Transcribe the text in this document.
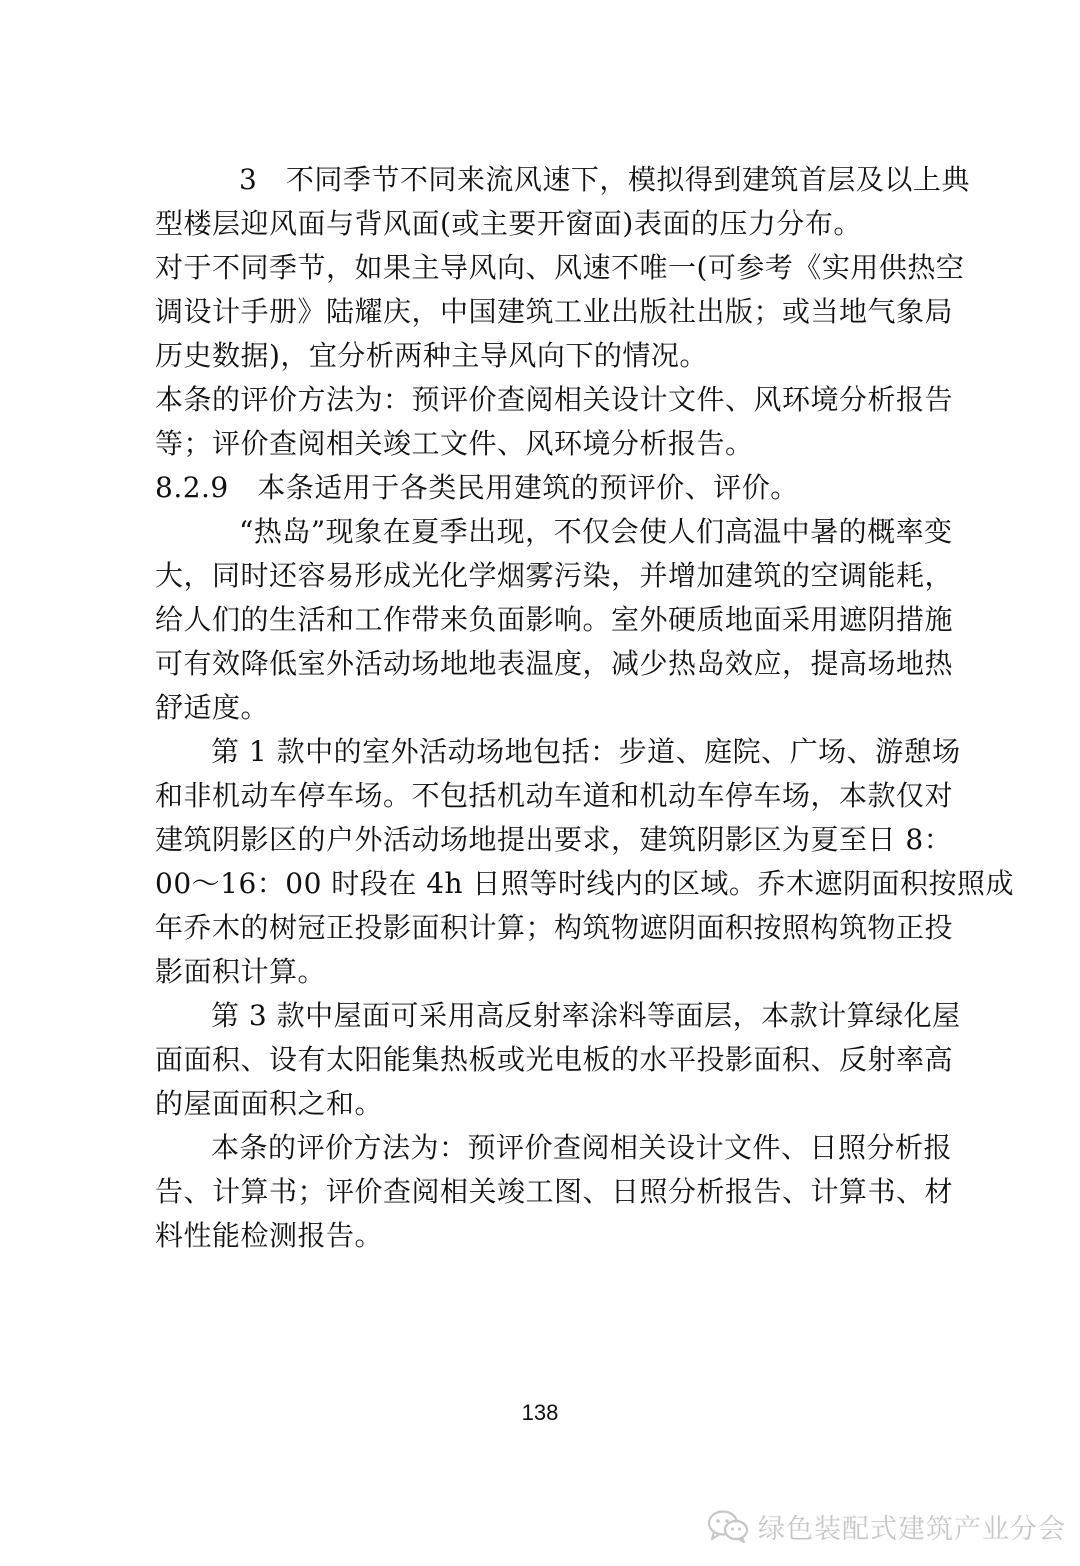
3　不同季节不同来流风速下，模拟得到建筑首层及以上典
型楼层迎风面与背风面(或主要开窗面)表面的压力分布。
对于不同季节，如果主导风向、风速不唯一(可参考《实用供热空
调设计手册》陆耀庆，中国建筑工业出版社出版；或当地气象局
历史数据)，宜分析两种主导风向下的情况。
本条的评价方法为：预评价查阅相关设计文件、风环境分析报告
等；评价查阅相关竣工文件、风环境分析报告。
8.2.9　本条适用于各类民用建筑的预评价、评价。
“热岛”现象在夏季出现，不仅会使人们高温中暑的概率变
大，同时还容易形成光化学烟雾污染，并增加建筑的空调能耗，
给人们的生活和工作带来负面影响。室外硬质地面采用遮阴措施
可有效降低室外活动场地地表温度，减少热岛效应，提高场地热
舒适度。
第 1 款中的室外活动场地包括：步道、庭院、广场、游憩场
和非机动车停车场。不包括机动车道和机动车停车场，本款仅对
建筑阴影区的户外活动场地提出要求，建筑阴影区为夏至日 8：
00～16：00 时段在 4h 日照等时线内的区域。乔木遮阴面积按照成
年乔木的树冠正投影面积计算；构筑物遮阴面积按照构筑物正投
影面积计算。
第 3 款中屋面可采用高反射率涂料等面层，本款计算绿化屋
面面积、设有太阳能集热板或光电板的水平投影面积、反射率高
的屋面面积之和。
本条的评价方法为：预评价查阅相关设计文件、日照分析报
告、计算书；评价查阅相关竣工图、日照分析报告、计算书、材
料性能检测报告。
138
绿色装配式建筑产业分会
